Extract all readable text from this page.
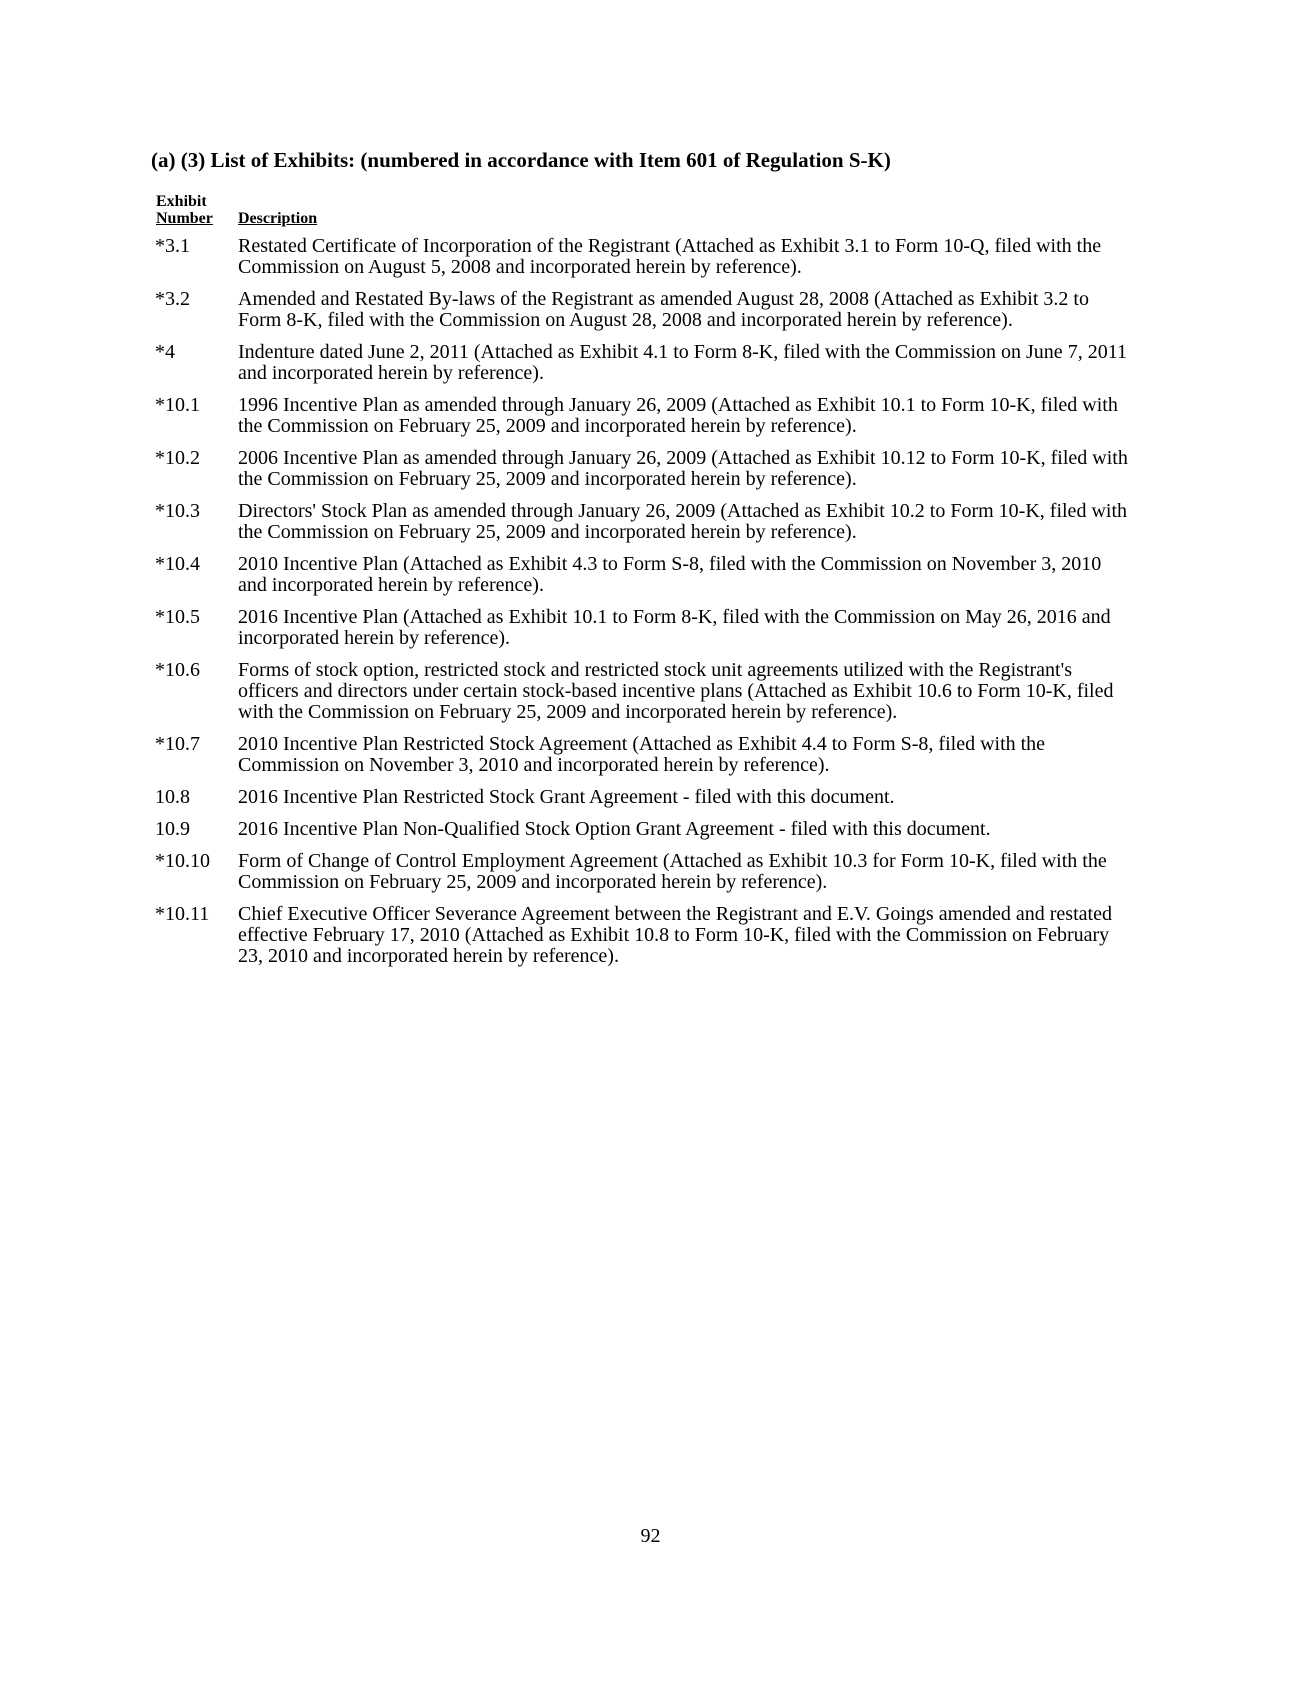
(a) (3) List of Exhibits: (numbered in accordance with Item 601 of Regulation S-K)
Exhibit
Number Description
*3.1	Restated Certificate of Incorporation of the Registrant (Attached as Exhibit 3.1 to Form 10-Q, filed with the Commission on August 5, 2008 and incorporated herein by reference).
*3.2	Amended and Restated By-laws of the Registrant as amended August 28, 2008 (Attached as Exhibit 3.2 to Form 8-K, filed with the Commission on August 28, 2008 and incorporated herein by reference).
*4	Indenture dated June 2, 2011 (Attached as Exhibit 4.1 to Form 8-K, filed with the Commission on June 7, 2011 and incorporated herein by reference).
*10.1	1996 Incentive Plan as amended through January 26, 2009 (Attached as Exhibit 10.1 to Form 10-K, filed with the Commission on February 25, 2009 and incorporated herein by reference).
*10.2	2006 Incentive Plan as amended through January 26, 2009 (Attached as Exhibit 10.12 to Form 10-K, filed with the Commission on February 25, 2009 and incorporated herein by reference).
*10.3	Directors' Stock Plan as amended through January 26, 2009 (Attached as Exhibit 10.2 to Form 10-K, filed with the Commission on February 25, 2009 and incorporated herein by reference).
*10.4	2010 Incentive Plan (Attached as Exhibit 4.3 to Form S-8, filed with the Commission on November 3, 2010 and incorporated herein by reference).
*10.5	2016 Incentive Plan (Attached as Exhibit 10.1 to Form 8-K, filed with the Commission on May 26, 2016 and incorporated herein by reference).
*10.6	Forms of stock option, restricted stock and restricted stock unit agreements utilized with the Registrant's officers and directors under certain stock-based incentive plans (Attached as Exhibit 10.6 to Form 10-K, filed with the Commission on February 25, 2009 and incorporated herein by reference).
*10.7	2010 Incentive Plan Restricted Stock Agreement (Attached as Exhibit 4.4 to Form S-8, filed with the Commission on November 3, 2010 and incorporated herein by reference).
10.8	2016 Incentive Plan Restricted Stock Grant Agreement - filed with this document.
10.9	2016 Incentive Plan Non-Qualified Stock Option Grant Agreement - filed with this document.
*10.10	Form of Change of Control Employment Agreement (Attached as Exhibit 10.3 for Form 10-K, filed with the Commission on February 25, 2009 and incorporated herein by reference).
*10.11	Chief Executive Officer Severance Agreement between the Registrant and E.V. Goings amended and restated effective February 17, 2010 (Attached as Exhibit 10.8 to Form 10-K, filed with the Commission on February 23, 2010 and incorporated herein by reference).
92
